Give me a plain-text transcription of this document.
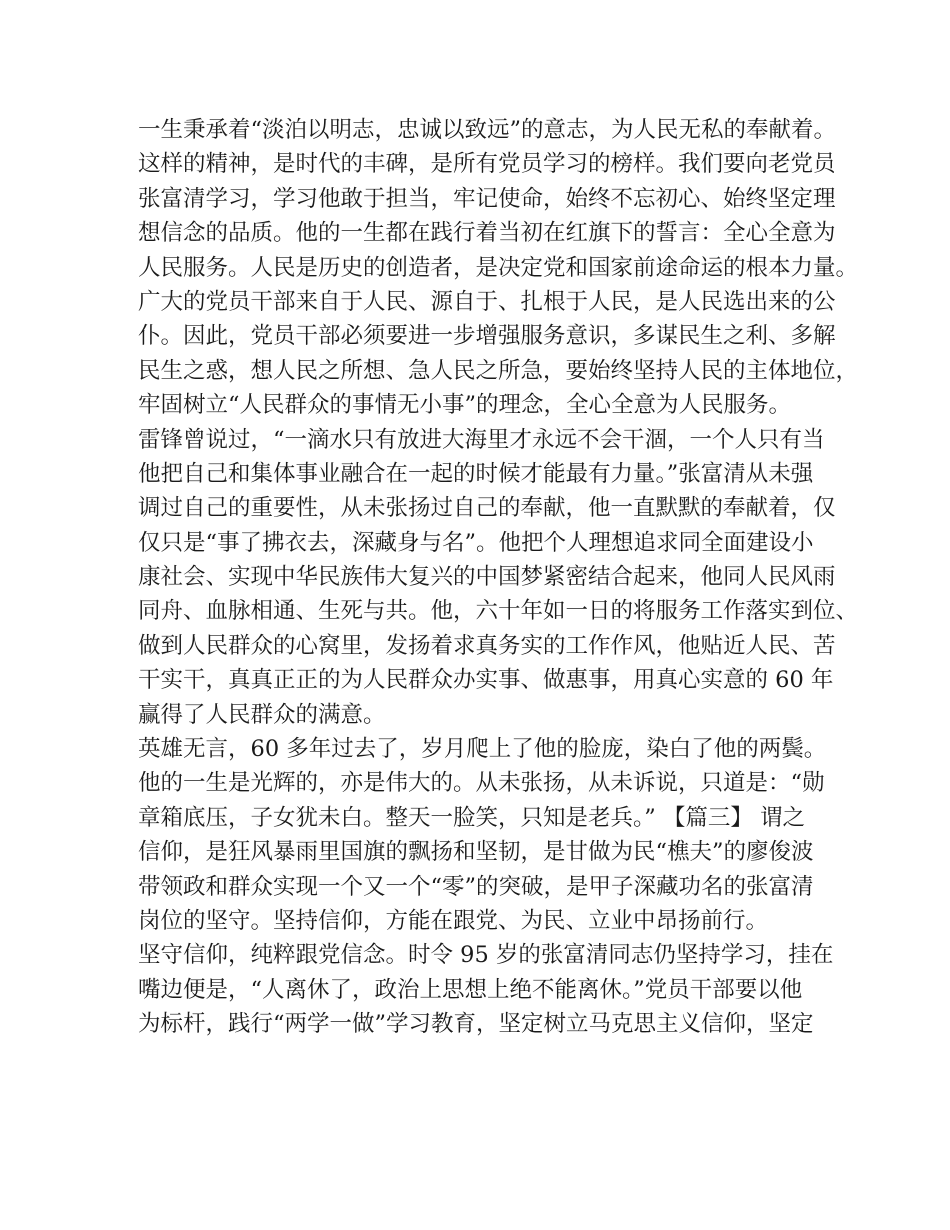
一生秉承着“淡泊以明志，忠诚以致远”的意志，为人民无私的奉献着。
这样的精神，是时代的丰碑，是所有党员学习的榜样。我们要向老党员
张富清学习，学习他敢于担当，牢记使命，始终不忘初心、始终坚定理
想信念的品质。他的一生都在践行着当初在红旗下的誓言：全心全意为
人民服务。人民是历史的创造者，是决定党和国家前途命运的根本力量。
广大的党员干部来自于人民、源自于、扎根于人民，是人民选出来的公
仆。因此，党员干部必须要进一步增强服务意识，多谋民生之利、多解
民生之惑，想人民之所想、急人民之所急，要始终坚持人民的主体地位，
牢固树立“人民群众的事情无小事”的理念，全心全意为人民服务。
雷锋曾说过，“一滴水只有放进大海里才永远不会干涸，一个人只有当
他把自己和集体事业融合在一起的时候才能最有力量。”张富清从未强
调过自己的重要性，从未张扬过自己的奉献，他一直默默的奉献着，仅
仅只是“事了拂衣去，深藏身与名”。他把个人理想追求同全面建设小
康社会、实现中华民族伟大复兴的中国梦紧密结合起来，他同人民风雨
同舟、血脉相通、生死与共。他，六十年如一日的将服务工作落实到位、
做到人民群众的心窝里，发扬着求真务实的工作作风，他贴近人民、苦
干实干，真真正正的为人民群众办实事、做惠事，用真心实意的 60 年
赢得了人民群众的满意。
英雄无言，60 多年过去了，岁月爬上了他的脸庞，染白了他的两鬓。
他的一生是光辉的，亦是伟大的。从未张扬，从未诉说，只道是：“勋
章箱底压，子女犹未白。整天一脸笑，只知是老兵。” 【篇三】 谓之
信仰，是狂风暴雨里国旗的飘扬和坚韧，是甘做为民“樵夫”的廖俊波
带领政和群众实现一个又一个“零”的突破，是甲子深藏功名的张富清
岗位的坚守。坚持信仰，方能在跟党、为民、立业中昂扬前行。
坚守信仰，纯粹跟党信念。时令 95 岁的张富清同志仍坚持学习，挂在
嘴边便是，“人离休了，政治上思想上绝不能离休。”党员干部要以他
为标杆，践行“两学一做”学习教育，坚定树立马克思主义信仰，坚定
